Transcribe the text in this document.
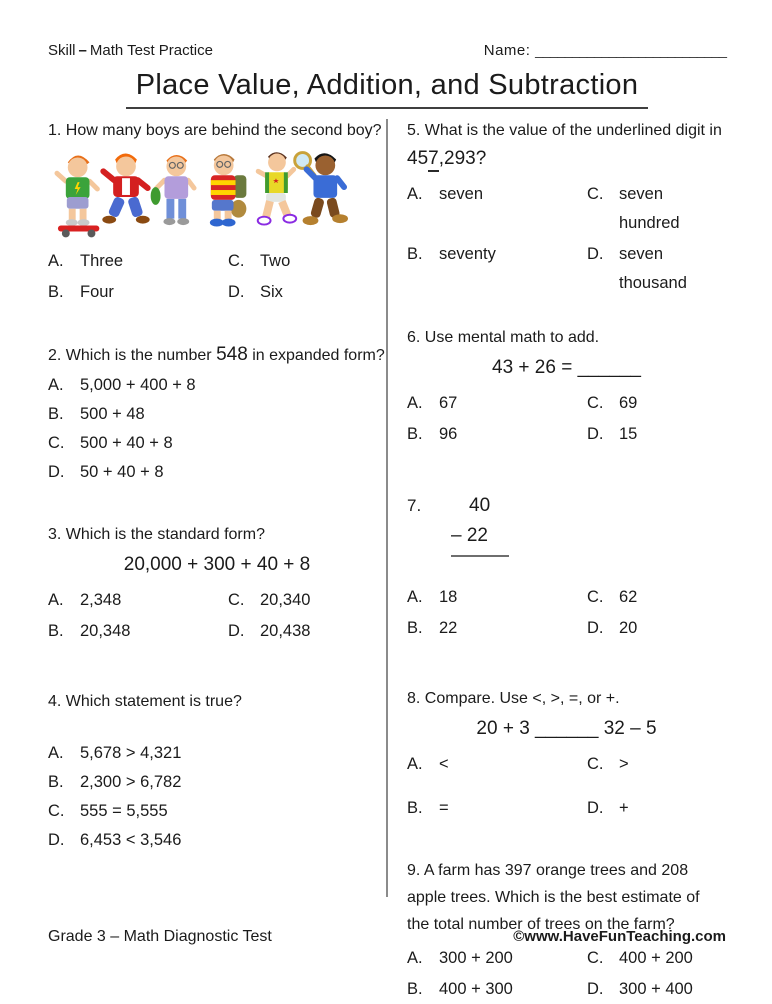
Skill – Math Test Practice	Name: __________________________
Place Value, Addition, and Subtraction
1. How many boys are behind the second boy?
A. Three	C. Two
B. Four	D. Six
2. Which is the number 548 in expanded form?
A. 5,000 + 400 + 8
B. 500 + 48
C. 500 + 40 + 8
D. 50 + 40 + 8
3. Which is the standard form?
20,000 + 300 + 40 + 8
A. 2,348	C. 20,340
B. 20,348	D. 20,438
4. Which statement is true?
A. 5,678 > 4,321
B. 2,300 > 6,782
C. 555 = 5,555
D. 6,453 < 3,546
5. What is the value of the underlined digit in
457,293?
A. seven	C. seven hundred
B. seventy	D. seven thousand
6. Use mental math to add.
43 + 26 = ______
A. 67	C. 69
B. 96	D. 15
7.	40
– 22
A. 18	C. 62
B. 22	D. 20
8. Compare. Use <, >, =, or +.
20 + 3 ______ 32 – 5
A. <	C. >
B. =	D. +
9. A farm has 397 orange trees and 208 apple trees. Which is the best estimate of the total number of trees on the farm?
A. 300 + 200	C. 400 + 200
B. 400 + 300	D. 300 + 400
Grade 3 – Math Diagnostic Test	©www.HaveFunTeaching.com
